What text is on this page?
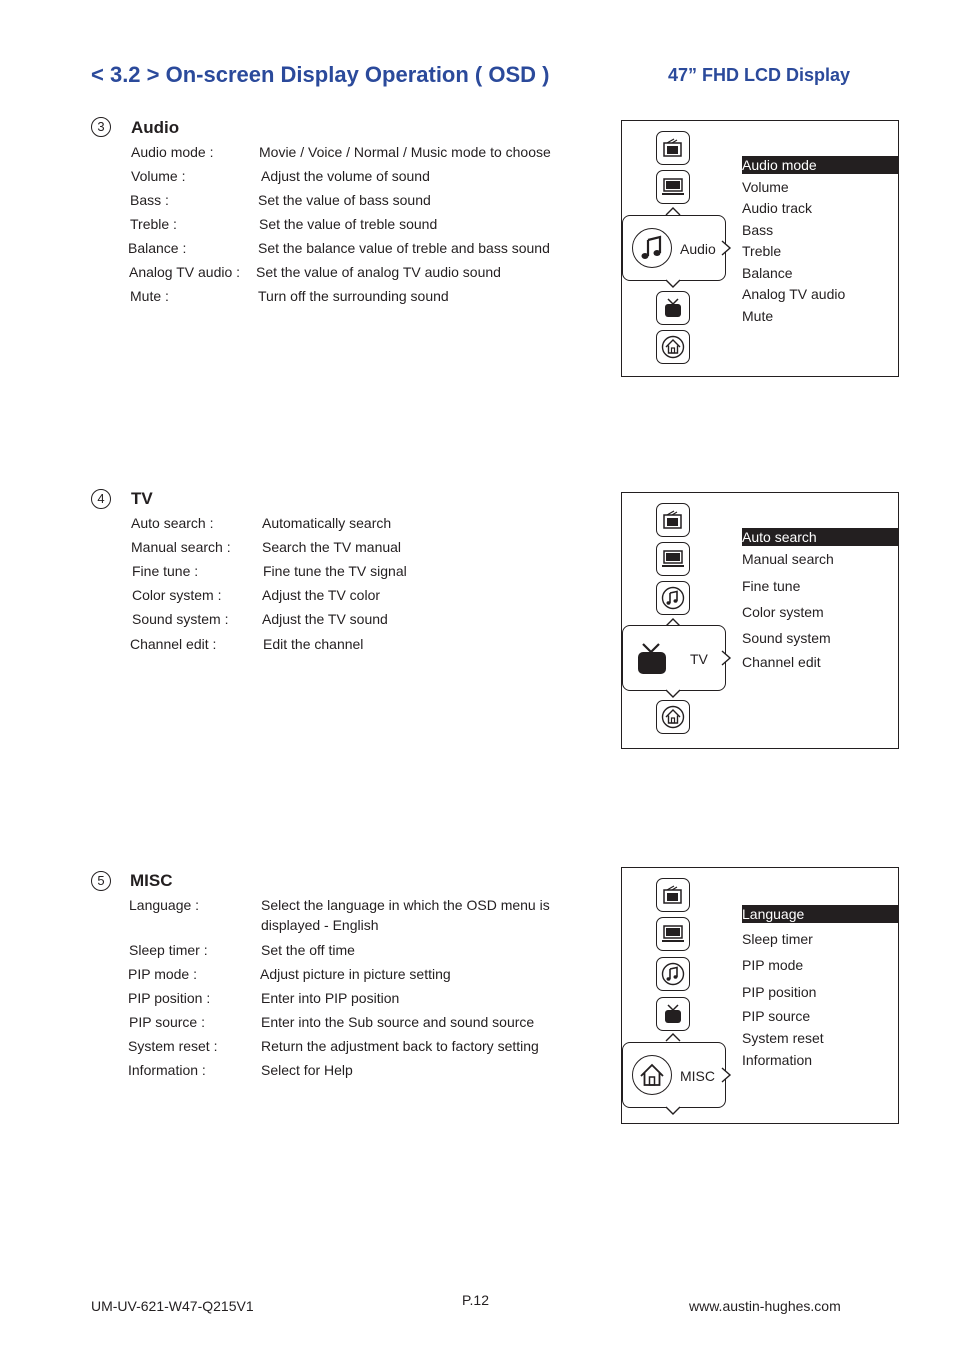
< 3.2 > On-screen Display Operation ( OSD )	47” FHD LCD Display
3	Audio
Audio mode :	Movie / Voice / Normal / Music mode to choose
Volume :	Adjust the volume of sound
Bass :	Set the value of bass sound
Treble :	Set the value of treble sound
Balance :	Set the balance value of treble and bass sound
Analog TV audio : Set the value of analog TV audio sound
Mute :	Turn off the surrounding sound
Audio
Audio mode
Volume
Audio track
Bass
Treble
Balance
Analog TV audio
Mute
4	TV
Auto search :	Automatically search
Manual search : Search the TV manual
Fine tune :	Fine tune the TV signal
Color system :	Adjust the TV color
Sound system : Adjust the TV sound
Channel edit :	Edit the channel
TV
Auto search
Manual search
Fine tune
Color system
Sound system
Channel edit
5	MISC
Language :	Select the language in which the OSD menu is
displayed - English
Sleep timer :	Set the off time
PIP mode :	Adjust picture in picture setting
PIP position :	Enter into PIP position
PIP source :	Enter into the Sub source and sound source
System reset :	Return the adjustment back to factory setting
Information :	Select for Help	MISC
Language
Sleep timer
PIP mode
PIP position
PIP source
System reset
Information
UM-UV-621-W47-Q215V1	P.12	www.austin-hughes.com
